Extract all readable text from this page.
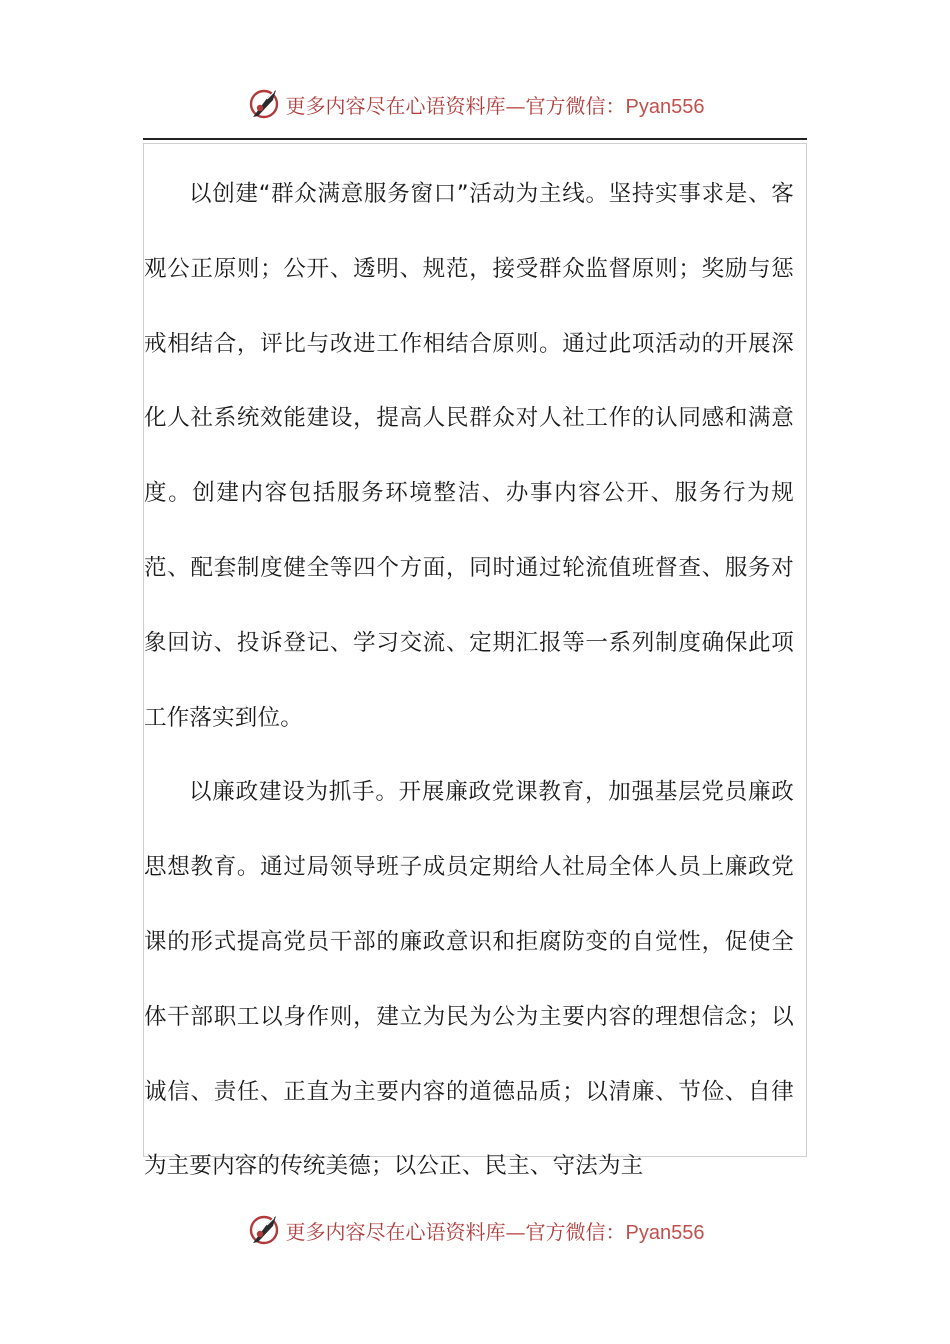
更多内容尽在心语资料库—官方微信：Pyan556

以创建“群众满意服务窗口”活动为主线。坚持实事求是、客观公正原则；公开、透明、规范，接受群众监督原则；奖励与惩戒相结合，评比与改进工作相结合原则。通过此项活动的开展深化人社系统效能建设，提高人民群众对人社工作的认同感和满意度。创建内容包括服务环境整洁、办事内容公开、服务行为规范、配套制度健全等四个方面，同时通过轮流值班督查、服务对象回访、投诉登记、学习交流、定期汇报等一系列制度确保此项工作落实到位。

以廉政建设为抓手。开展廉政党课教育，加强基层党员廉政思想教育。通过局领导班子成员定期给人社局全体人员上廉政党课的形式提高党员干部的廉政意识和拒腐防变的自觉性，促使全体干部职工以身作则，建立为民为公为主要内容的理想信念；以诚信、责任、正直为主要内容的道德品质；以清廉、节俭、自律为主要内容的传统美德；以公正、民主、守法为主

更多内容尽在心语资料库—官方微信：Pyan556
